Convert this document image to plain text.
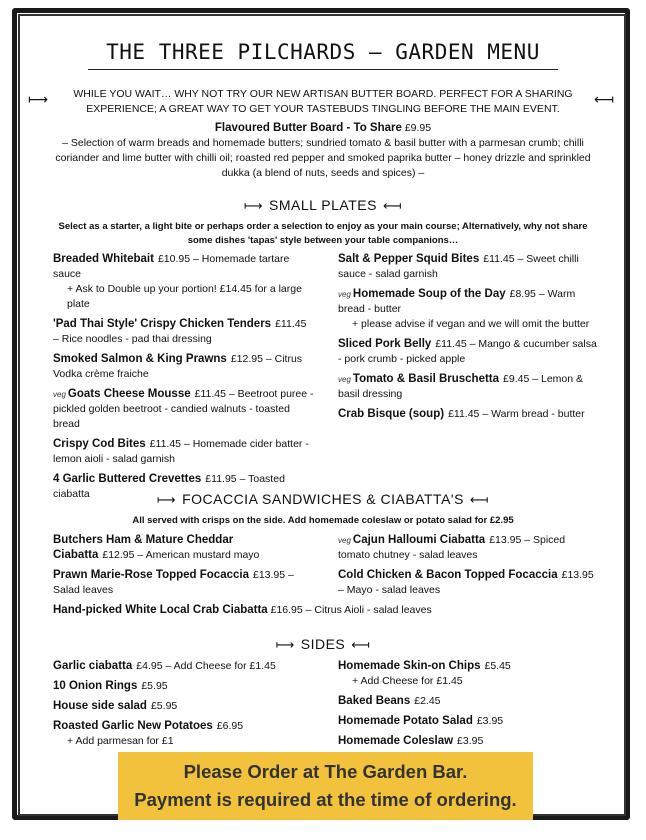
THE THREE PILCHARDS – GARDEN MENU
⟼	⟻
WHILE YOU WAIT… WHY NOT TRY OUR NEW ARTISAN BUTTER BOARD. PERFECT FOR A SHARING EXPERIENCE; A GREAT WAY TO GET YOUR TASTEBUDS TINGLING BEFORE THE MAIN EVENT.
Flavoured Butter Board - To Share £9.95
– Selection of warm breads and homemade butters; sundried tomato & basil butter with a parmesan crumb; chilli coriander and lime butter with chilli oil; roasted red pepper and smoked paprika butter – honey drizzle and sprinkled dukka (a blend of nuts, seeds and spices) –
⟼ SMALL PLATES ⟻
Select as a starter, a light bite or perhaps order a selection to enjoy as your main course; Alternatively, why not share some dishes 'tapas' style between your table companions…
Breaded Whitebait £10.95 – Homemade tartare sauce
+ Ask to Double up your portion! £14.45 for a large plate
'Pad Thai Style' Crispy Chicken Tenders £11.45 – Rice noodles - pad thai dressing
Smoked Salmon & King Prawns £12.95 – Citrus Vodka crème fraiche
veg Goats Cheese Mousse £11.45 – Beetroot puree - pickled golden beetroot - candied walnuts - toasted bread
Crispy Cod Bites £11.45 – Homemade cider batter - lemon aioli - salad garnish
4 Garlic Buttered Crevettes £11.95 – Toasted ciabatta
Salt & Pepper Squid Bites £11.45 – Sweet chilli sauce - salad garnish
veg Homemade Soup of the Day £8.95 – Warm bread - butter
+ please advise if vegan and we will omit the butter
Sliced Pork Belly £11.45 – Mango & cucumber salsa - pork crumb - picked apple
veg Tomato & Basil Bruschetta £9.45 – Lemon & basil dressing
Crab Bisque (soup) £11.45 – Warm bread - butter
⟼ FOCACCIA SANDWICHES & CIABATTA'S ⟻
All served with crisps on the side. Add homemade coleslaw or potato salad for £2.95
Butchers Ham & Mature Cheddar Ciabatta £12.95 – American mustard mayo
Prawn Marie-Rose Topped Focaccia £13.95 – Salad leaves
veg Cajun Halloumi Ciabatta £13.95 – Spiced tomato chutney - salad leaves
Cold Chicken & Bacon Topped Focaccia £13.95 – Mayo - salad leaves
Hand-picked White Local Crab Ciabatta £16.95 – Citrus Aioli - salad leaves
⟼ SIDES ⟻
Garlic ciabatta £4.95 – Add Cheese for £1.45
10 Onion Rings £5.95
House side salad £5.95
Roasted Garlic New Potatoes £6.95
+ Add parmesan for £1
Homemade Skin-on Chips £5.45
+ Add Cheese for £1.45
Baked Beans £2.45
Homemade Potato Salad £3.95
Homemade Coleslaw £3.95
Please Order at The Garden Bar.
Payment is required at the time of ordering.
